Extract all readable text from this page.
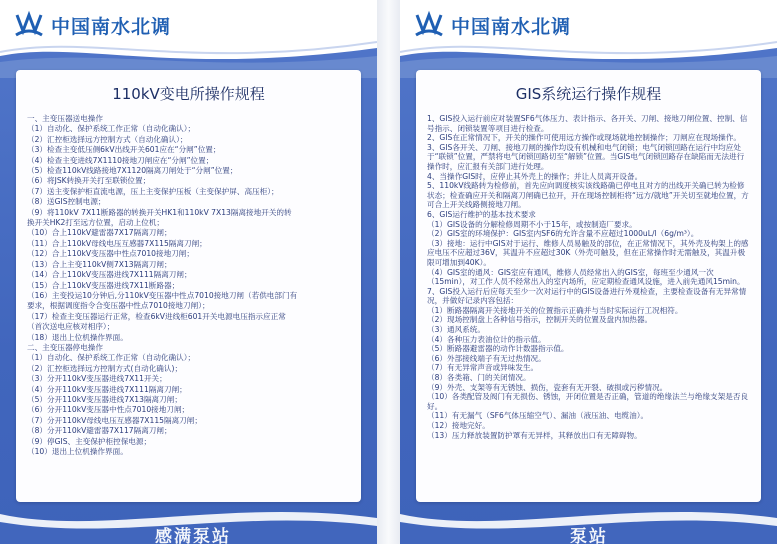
中国南水北调
110kV变电所操作规程
一、主变压器送电操作
（1）自动化、保护系统工作正常（自动化确认）；
（2）汇控柜选择远方控制方式（自动化确认）；
（3）检查主变低压侧6kV出线开关601应在“分闸”位置；
（4）检查主变进线7X1110接地刀闸应在“分闸”位置；
（5）检查110kV线路接地7X1120隔离刀闸处于“分闸”位置；
（6）将JSK转换开关打至联锁位置；
（7）送主变保护柜直流电源，压上主变保护压板（主变保护屏、高压柜）；
（8）送GIS控制电源；
（9）将110kV 7X11断路器的转换开关HK1和110kV 7X13隔离接地开关的转
换开关HK2打至远方位置，启动上位机；
（10）合上110kV避雷器7X17隔离刀闸；
（11）合上110kV母线电压互感器7X115隔离刀闸；
（12）合上110kV变压器中性点7010接地刀闸；
（13）合上主变110kV侧7X13隔离刀闸；
（14）合上110kV变压器进线7X111隔离刀闸；
（15）合上110kV变压器进线7X11断路器；
（16）主变投运10分钟后,分110kV变压器中性点7010接地刀闸（若供电部门有
要求，根据调度指令合变压器中性点7010接地刀闸）；
（17）检查主变压器运行正常，检查6kV进线柜601开关电源电压指示应正常
（首次送电应核对相序）；
（18）退出上位机操作界面。
二、主变压器停电操作
（1）自动化、保护系统工作正常（自动化确认）；
（2）汇控柜选择远方控制方式(自动化确认)；
（3）分开110kV变压器进线7X11开关；
（4）分开110kV变压器进线7X111隔离刀闸；
（5）分开110kV变压器进线7X13隔离刀闸；
（6）分开110kV变压器中性点7010接地刀闸；
（7）分开110kV母线电压互感器7X115隔离刀闸；
（8）分开110kV避雷器7X117隔离刀闸；
（9）停GIS、主变保护柜控保电源；
（10）退出上位机操作界面。
感满泵站
中国南水北调
GIS系统运行操作规程
1、GIS投入运行前应对装置SF6气体压力、表计指示、各开关、刀闸、接地刀闸位置、控制、信号指示、闭锁装置等项目进行检查。
2、GIS在正常情况下，开关的操作可使用远方操作或现场就地控制操作；刀闸应在现场操作。
3、GIS各开关、刀闸、接地刀闸的操作均设有机械和电气闭锁；电气闭锁回路在运行中均应处于“联锁”位置，严禁将电气闭锁回路切至“解锁”位置。当GIS电气闭锁回路存在缺陷而无法进行操作时，应汇报有关部门进行处理。
4、当操作GIS时，应停止其外壳上的操作；并让人员离开设备。
5、110kV线路转为检修前，首先应向调度核实该线路确已停电且对方的出线开关确已转为检修状态；检查确应开关和隔离刀闸确已拉开，开在现场控制柜将“远方/就地”开关切至就地位置，方可合上开关线路侧接地刀闸。
6、GIS运行维护的基本技术要求
（1）GIS设备的分解检修周期不小于15年，或按制造厂要求。
（2）GIS室的环境保护：GIS室内SF6的允许含量不应超过1000uL/l（6g/m³）。
（3）接地：运行中GIS对于运行、维修人员易触及的部位，在正常情况下，其外壳及构架上的感应电压不应超过36V，其温升不应超过30K（外壳可触及，但在正常操作时无需触及，其温升极限可增加到40K）。
（4）GIS室的通风：GIS室应有通风，维修人员经常出入的GIS室，每班至少通风一次（15min），对工作人员不经常出入的室内场所，应定期检查通风设施，进入前先通风15min。
7、GIS投入运行后应每天至少一次对运行中的GIS设备进行外观检查，主要检查设备有无异常情况，并做好记录内容包括：
（1）断路器隔离开关接地开关的位置指示正确并与当时实际运行工况相符。
（2）现场控制盘上各种信号指示，控制开关的位置及盘内加热器。
（3）通风系统。
（4）各种压力表油位计的指示值。
（5）断路器避雷器的动作计数器指示值。
（6）外部接线端子有无过热情况。
（7）有无异常声音或异味发生。
（8）各类箱、门的关闭情况。
（9）外壳、支架等有无锈蚀、损伤，瓷套有无开裂、破损或污秽情况。
（10）各类配管及阀门有无损伤、锈蚀，开闭位置是否正确，管道的绝缘法兰与绝缘支架是否良好。
（11）有无漏气（SF6气体压缩空气）、漏油（液压油、电缆油）。
（12）接地完好。
（13）压力释放装置防护罩有无异样，其释放出口有无障碍物。
泵站
